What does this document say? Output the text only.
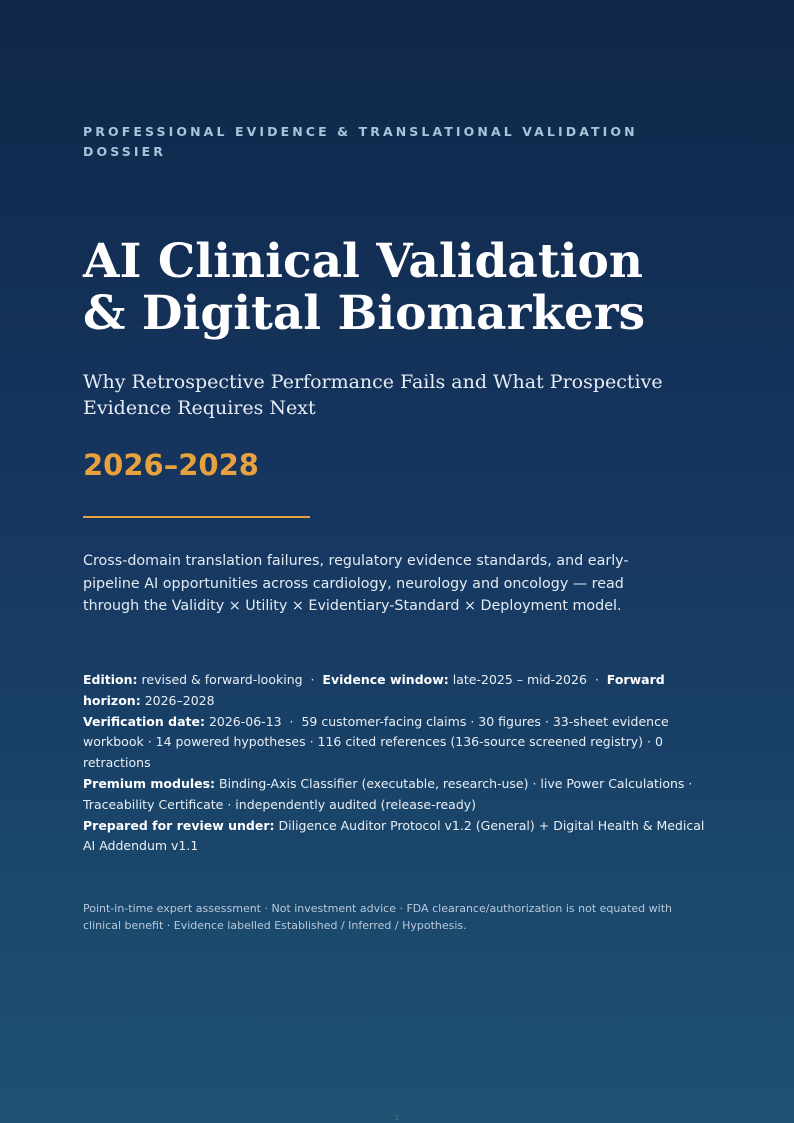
PROFESSIONAL EVIDENCE & TRANSLATIONAL VALIDATION DOSSIER
AI Clinical Validation
& Digital Biomarkers
Why Retrospective Performance Fails and What Prospective Evidence Requires Next
2026–2028
Cross-domain translation failures, regulatory evidence standards, and early-pipeline AI opportunities across cardiology, neurology and oncology — read through the Validity × Utility × Evidentiary-Standard × Deployment model.
Edition: revised & forward-looking  ·  Evidence window: late-2025 – mid-2026  ·  Forward horizon: 2026–2028
Verification date: 2026-06-13  ·  59 customer-facing claims · 30 figures · 33-sheet evidence workbook · 14 powered hypotheses · 116 cited references (136-source screened registry) · 0 retractions
Premium modules: Binding-Axis Classifier (executable, research-use) · live Power Calculations · Traceability Certificate · independently audited (release-ready)
Prepared for review under: Diligence Auditor Protocol v1.2 (General) + Digital Health & Medical AI Addendum v1.1
Point-in-time expert assessment · Not investment advice · FDA clearance/authorization is not equated with clinical benefit · Evidence labelled Established / Inferred / Hypothesis.
1
